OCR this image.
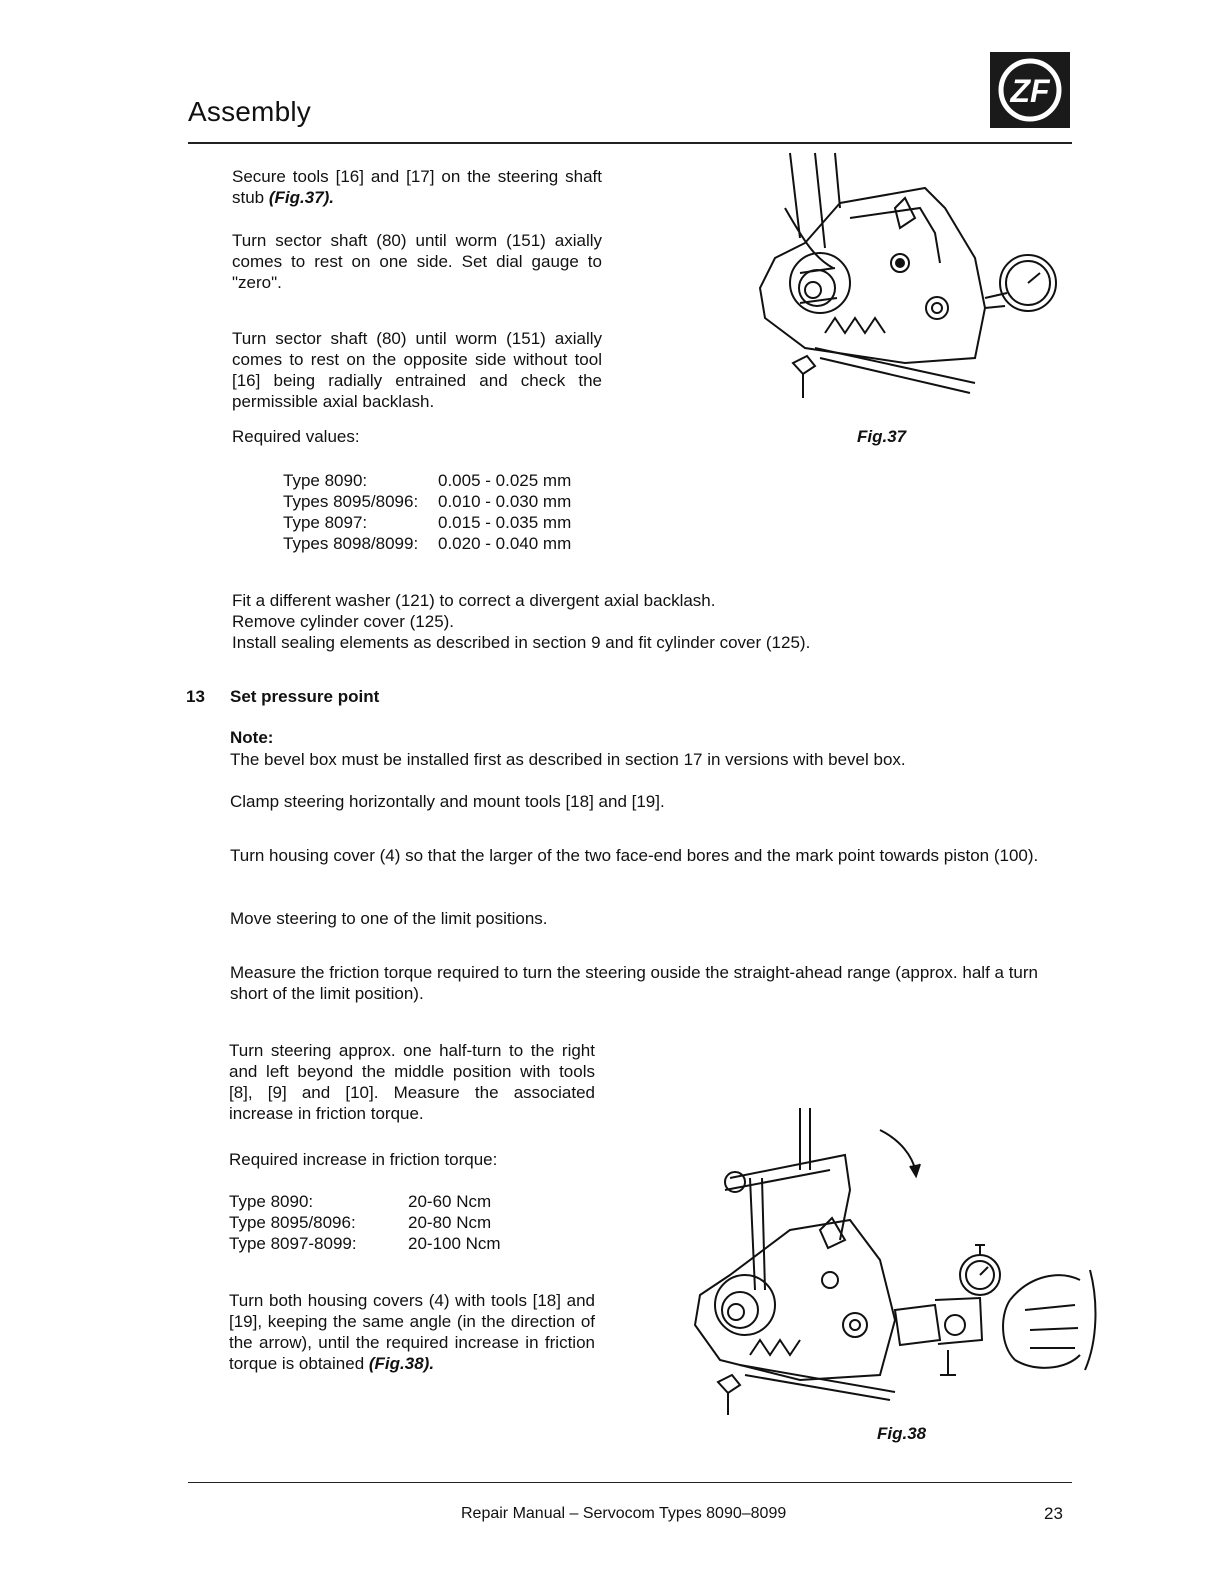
Assembly
ZF

Secure tools [16] and [17] on the steering shaft stub (Fig.37).

Turn sector shaft (80) until worm (151) axially comes to rest on one side. Set dial gauge to "zero".

Turn sector shaft (80) until worm (151) axially comes to rest on the opposite side without tool [16] being radially entrained and check the permissible axial backlash.

Required values:

Type 8090:	0.005 - 0.025 mm
Types 8095/8096:	0.010 - 0.030 mm
Type 8097:	0.015 - 0.035 mm
Types 8098/8099:	0.020 - 0.040 mm
Fig.37

Fit a different washer (121) to correct a divergent axial backlash.

Remove cylinder cover (125).

Install sealing elements as described in section 9 and fit cylinder cover (125).

13 Set pressure point
Note:

The bevel box must be installed first as described in section 17 in versions with bevel box.

Clamp steering horizontally and mount tools [18] and [19].

Turn housing cover (4) so that the larger of the two face-end bores and the mark point towards piston (100).

Move steering to one of the limit positions.

Measure the friction torque required to turn the steering ouside the straight-ahead range (approx. half a turn short of the limit position).

Turn steering approx. one half-turn to the right and left beyond the middle position with tools [8], [9] and [10]. Measure the associated increase in friction torque.

Required increase in friction torque:

Type 8090:	20-60 Ncm
Type 8095/8096:	20-80 Ncm
Type 8097-8099:	20-100 Ncm

Turn both housing covers (4) with tools [18] and [19], keeping the same angle (in the direction of the arrow), until the required increase in friction torque is obtained (Fig.38).

Fig.38
Repair Manual – Servocom Types 8090–8099	23
